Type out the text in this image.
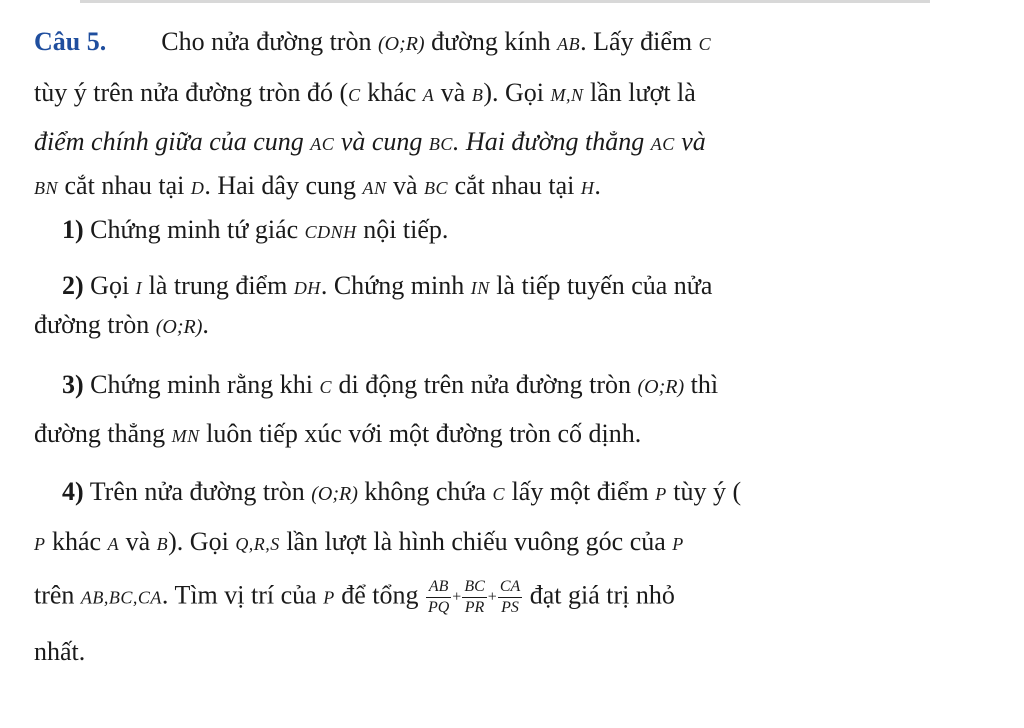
Câu 5. Cho nửa đường tròn (O;R) đường kính AB. Lấy điểm C
tùy ý trên nửa đường tròn đó (C khác A và B). Gọi M,N lần lượt là
điểm chính giữa của cung AC và cung BC. Hai đường thẳng AC và
BN cắt nhau tại D. Hai dây cung AN và BC cắt nhau tại H.
1) Chứng minh tứ giác CDNH nội tiếp.
2) Gọi I là trung điểm DH. Chứng minh IN là tiếp tuyến của nửa
đường tròn (O;R).
3) Chứng minh rằng khi C di động trên nửa đường tròn (O;R) thì
đường thẳng MN luôn tiếp xúc với một đường tròn cố dịnh.
4) Trên nửa đường tròn (O;R) không chứa C lấy một điểm P tùy ý (
P khác A và B). Gọi Q,R,S lần lượt là hình chiếu vuông góc của P
trên AB,BC,CA. Tìm vị trí của P để tổng $\frac{AB}{PQ} + \frac{BC}{PR} + \frac{CA}{PS}$ đạt giá trị nhỏ
nhất.
